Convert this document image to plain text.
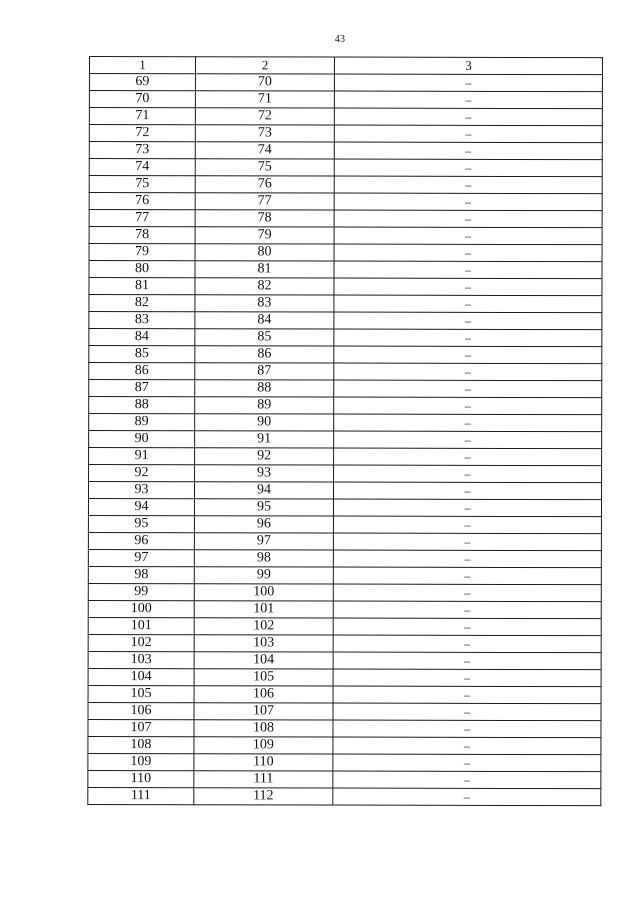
43
1	2	3
69	70	–
70	71	–
71	72	–
72	73	–
73	74	–
74	75	–
75	76	–
76	77	–
77	78	–
78	79	–
79	80	–
80	81	–
81	82	–
82	83	–
83	84	–
84	85	–
85	86	–
86	87	–
87	88	–
88	89	–
89	90	–
90	91	–
91	92	–
92	93	–
93	94	–
94	95	–
95	96	–
96	97	–
97	98	–
98	99	–
99	100	–
100	101	–
101	102	–
102	103	–
103	104	–
104	105	–
105	106	–
106	107	–
107	108	–
108	109	–
109	110	–
110	111	–
111	112	–
